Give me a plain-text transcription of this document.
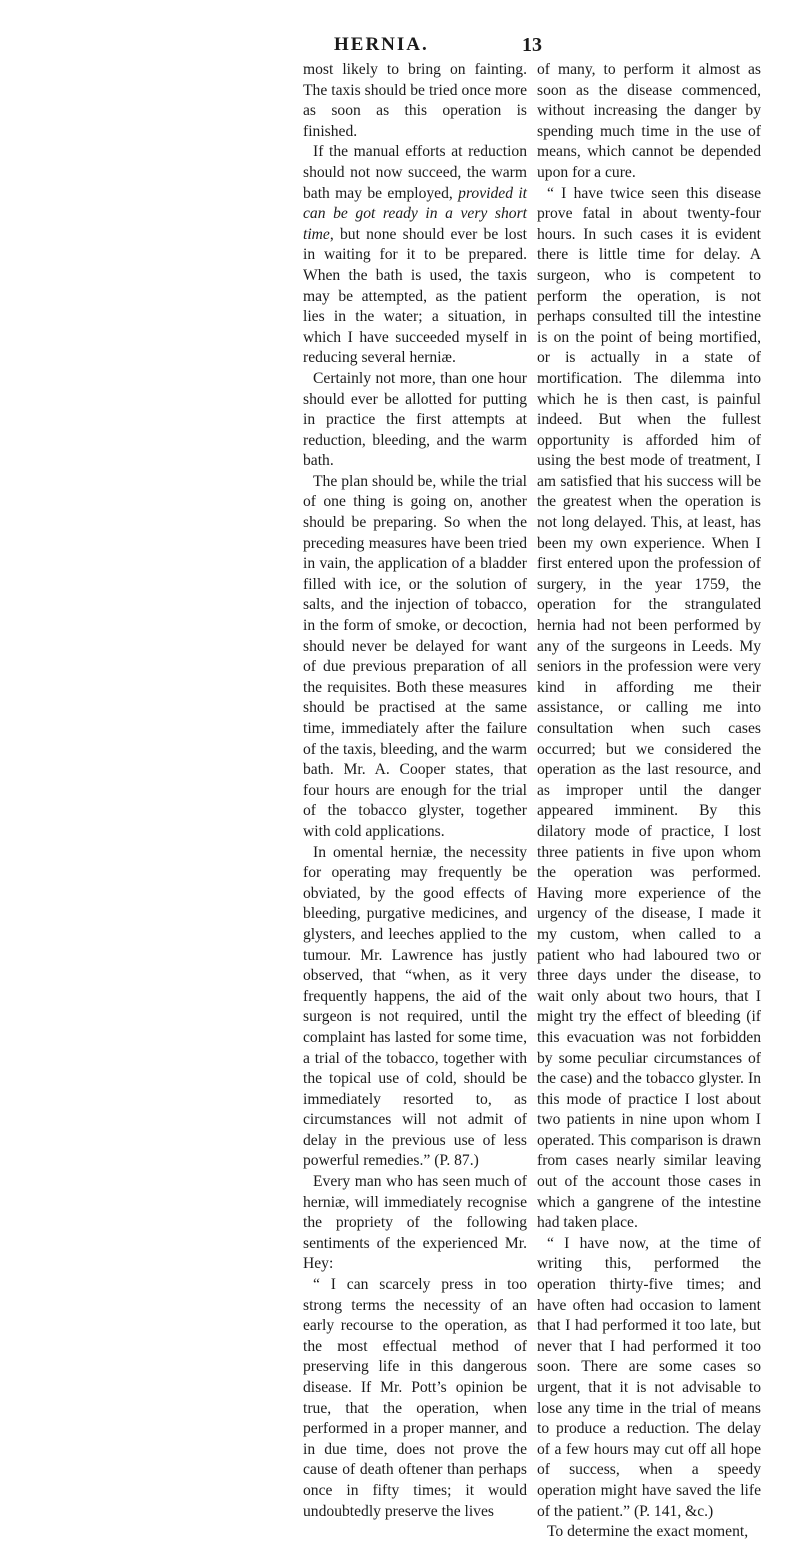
HERNIA.	13

most likely to bring on fainting. The taxis should be tried once more as soon as this operation is finished.

If the manual efforts at reduction should not now succeed, the warm bath may be employed, provided it can be got ready in a very short time, but none should ever be lost in waiting for it to be prepared. When the bath is used, the taxis may be attempted, as the patient lies in the water; a situation, in which I have succeeded myself in reducing several herniæ.

Certainly not more, than one hour should ever be allotted for putting in practice the first attempts at reduction, bleeding, and the warm bath.

The plan should be, while the trial of one thing is going on, another should be preparing. So when the preceding measures have been tried in vain, the application of a bladder filled with ice, or the solution of salts, and the injection of tobacco, in the form of smoke, or decoction, should never be delayed for want of due previous preparation of all the requisites. Both these measures should be practised at the same time, immediately after the failure of the taxis, bleeding, and the warm bath. Mr. A. Cooper states, that four hours are enough for the trial of the tobacco glyster, together with cold applications.

In omental herniæ, the necessity for operating may frequently be obviated, by the good effects of bleeding, purgative medicines, and glysters, and leeches applied to the tumour. Mr. Lawrence has justly observed, that “when, as it very frequently happens, the aid of the surgeon is not required, until the complaint has lasted for some time, a trial of the tobacco, together with the topical use of cold, should be immediately resorted to, as circumstances will not admit of delay in the previous use of less powerful remedies.” (P. 87.)

Every man who has seen much of herniæ, will immediately recognise the propriety of the following sentiments of the experienced Mr. Hey:

“ I can scarcely press in too strong terms the necessity of an early recourse to the operation, as the most effectual method of preserving life in this dangerous disease. If Mr. Pott’s opinion be true, that the operation, when performed in a proper manner, and in due time, does not prove the cause of death oftener than perhaps once in fifty times; it would undoubtedly preserve the lives

of many, to perform it almost as soon as the disease commenced, without increasing the danger by spending much time in the use of means, which cannot be depended upon for a cure.

“ I have twice seen this disease prove fatal in about twenty-four hours. In such cases it is evident there is little time for delay. A surgeon, who is competent to perform the operation, is not perhaps consulted till the intestine is on the point of being mortified, or is actually in a state of mortification. The dilemma into which he is then cast, is painful indeed. But when the fullest opportunity is afforded him of using the best mode of treatment, I am satisfied that his success will be the greatest when the operation is not long delayed. This, at least, has been my own experience. When I first entered upon the profession of surgery, in the year 1759, the operation for the strangulated hernia had not been performed by any of the surgeons in Leeds. My seniors in the profession were very kind in affording me their assistance, or calling me into consultation when such cases occurred; but we considered the operation as the last resource, and as improper until the danger appeared imminent. By this dilatory mode of practice, I lost three patients in five upon whom the operation was performed. Having more experience of the urgency of the disease, I made it my custom, when called to a patient who had laboured two or three days under the disease, to wait only about two hours, that I might try the effect of bleeding (if this evacuation was not forbidden by some peculiar circumstances of the case) and the tobacco glyster. In this mode of practice I lost about two patients in nine upon whom I operated. This comparison is drawn from cases nearly similar leaving out of the account those cases in which a gangrene of the intestine had taken place.

“ I have now, at the time of writing this, performed the operation thirty-five times; and have often had occasion to lament that I had performed it too late, but never that I had performed it too soon. There are some cases so urgent, that it is not advisable to lose any time in the trial of means to produce a reduction. The delay of a few hours may cut off all hope of success, when a speedy operation might have saved the life of the patient.” (P. 141, &c.)

To determine the exact moment,
